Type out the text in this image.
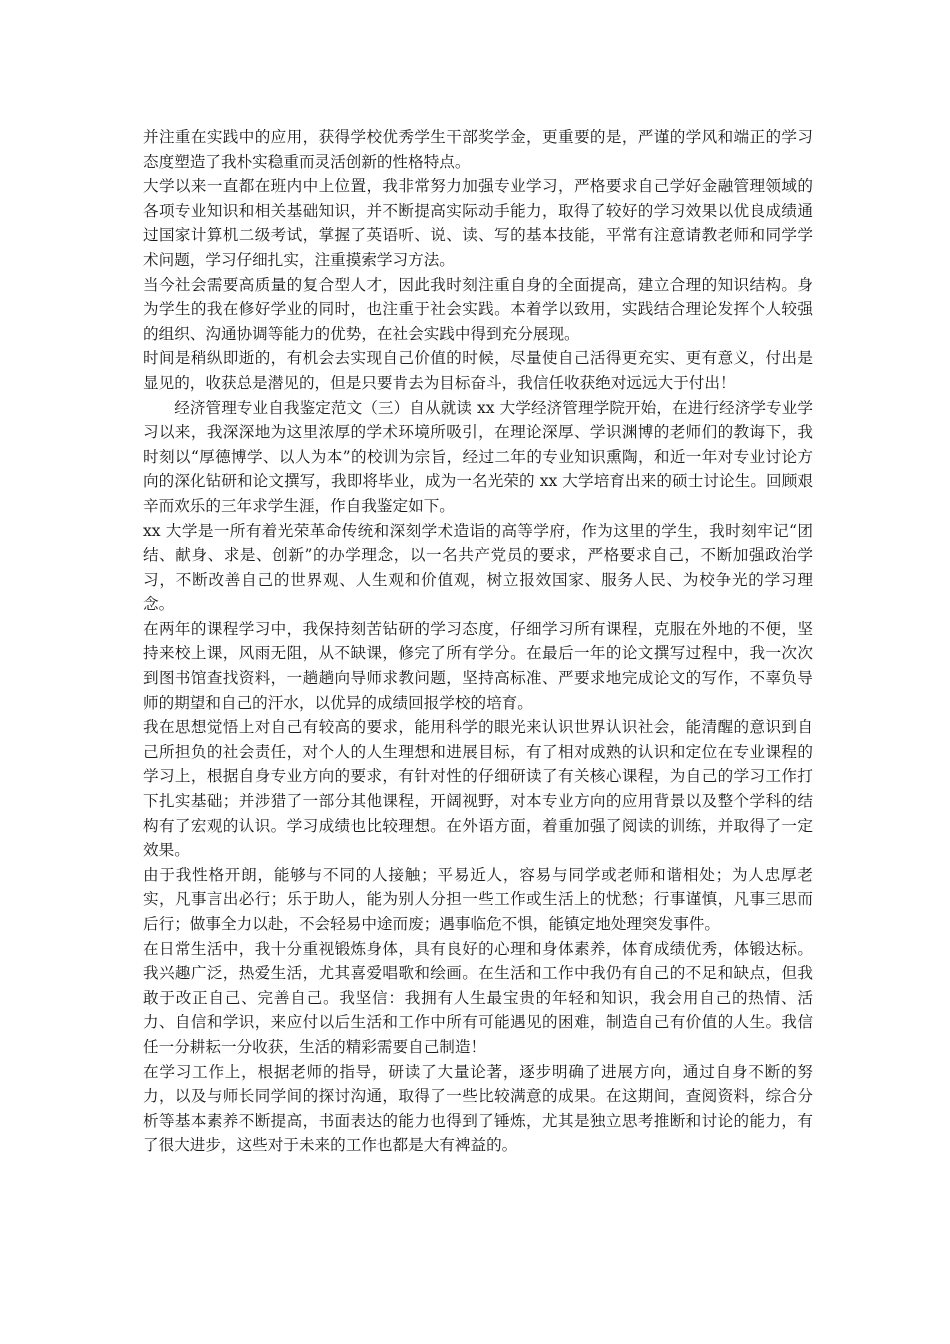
并注重在实践中的应用，获得学校优秀学生干部奖学金，更重要的是，严谨的学风和端正的学习态度塑造了我朴实稳重而灵活创新的性格特点。

大学以来一直都在班内中上位置，我非常努力加强专业学习，严格要求自己学好金融管理领域的各项专业知识和相关基础知识，并不断提高实际动手能力，取得了较好的学习效果以优良成绩通过国家计算机二级考试，掌握了英语听、说、读、写的基本技能，平常有注意请教老师和同学学术问题，学习仔细扎实，注重摸索学习方法。

当今社会需要高质量的复合型人才，因此我时刻注重自身的全面提高，建立合理的知识结构。身为学生的我在修好学业的同时，也注重于社会实践。本着学以致用，实践结合理论发挥个人较强的组织、沟通协调等能力的优势，在社会实践中得到充分展现。

时间是稍纵即逝的，有机会去实现自己价值的时候，尽量使自己活得更充实、更有意义，付出是显见的，收获总是潜见的，但是只要肯去为目标奋斗，我信任收获绝对远远大于付出！

经济管理专业自我鉴定范文（三）自从就读 xx 大学经济管理学院开始，在进行经济学专业学习以来，我深深地为这里浓厚的学术环境所吸引，在理论深厚、学识渊博的老师们的教诲下，我时刻以“厚德博学、以人为本”的校训为宗旨，经过二年的专业知识熏陶，和近一年对专业讨论方向的深化钻研和论文撰写，我即将毕业，成为一名光荣的 xx 大学培育出来的硕士讨论生。回顾艰辛而欢乐的三年求学生涯，作自我鉴定如下。

xx 大学是一所有着光荣革命传统和深刻学术造诣的高等学府，作为这里的学生，我时刻牢记“团结、献身、求是、创新”的办学理念，以一名共产党员的要求，严格要求自己，不断加强政治学习，不断改善自己的世界观、人生观和价值观，树立报效国家、服务人民、为校争光的学习理念。

在两年的课程学习中，我保持刻苦钻研的学习态度，仔细学习所有课程，克服在外地的不便，坚持来校上课，风雨无阻，从不缺课，修完了所有学分。在最后一年的论文撰写过程中，我一次次到图书馆查找资料，一趟趟向导师求教问题，坚持高标准、严要求地完成论文的写作，不辜负导师的期望和自己的汗水，以优异的成绩回报学校的培育。

我在思想觉悟上对自己有较高的要求，能用科学的眼光来认识世界认识社会，能清醒的意识到自己所担负的社会责任，对个人的人生理想和进展目标，有了相对成熟的认识和定位在专业课程的学习上，根据自身专业方向的要求，有针对性的仔细研读了有关核心课程，为自己的学习工作打下扎实基础；并涉猎了一部分其他课程，开阔视野，对本专业方向的应用背景以及整个学科的结构有了宏观的认识。学习成绩也比较理想。在外语方面，着重加强了阅读的训练，并取得了一定效果。

由于我性格开朗，能够与不同的人接触；平易近人，容易与同学或老师和谐相处；为人忠厚老实，凡事言出必行；乐于助人，能为别人分担一些工作或生活上的忧愁；行事谨慎，凡事三思而后行；做事全力以赴，不会轻易中途而废；遇事临危不惧，能镇定地处理突发事件。

在日常生活中，我十分重视锻炼身体，具有良好的心理和身体素养，体育成绩优秀，体锻达标。我兴趣广泛，热爱生活，尤其喜爱唱歌和绘画。在生活和工作中我仍有自己的不足和缺点，但我敢于改正自己、完善自己。我坚信：我拥有人生最宝贵的年轻和知识，我会用自己的热情、活力、自信和学识，来应付以后生活和工作中所有可能遇见的困难，制造自己有价值的人生。我信任一分耕耘一分收获，生活的精彩需要自己制造！

在学习工作上，根据老师的指导，研读了大量论著，逐步明确了进展方向，通过自身不断的努力，以及与师长同学间的探讨沟通，取得了一些比较满意的成果。在这期间，查阅资料，综合分析等基本素养不断提高，书面表达的能力也得到了锤炼，尤其是独立思考推断和讨论的能力，有了很大进步，这些对于未来的工作也都是大有裨益的。
